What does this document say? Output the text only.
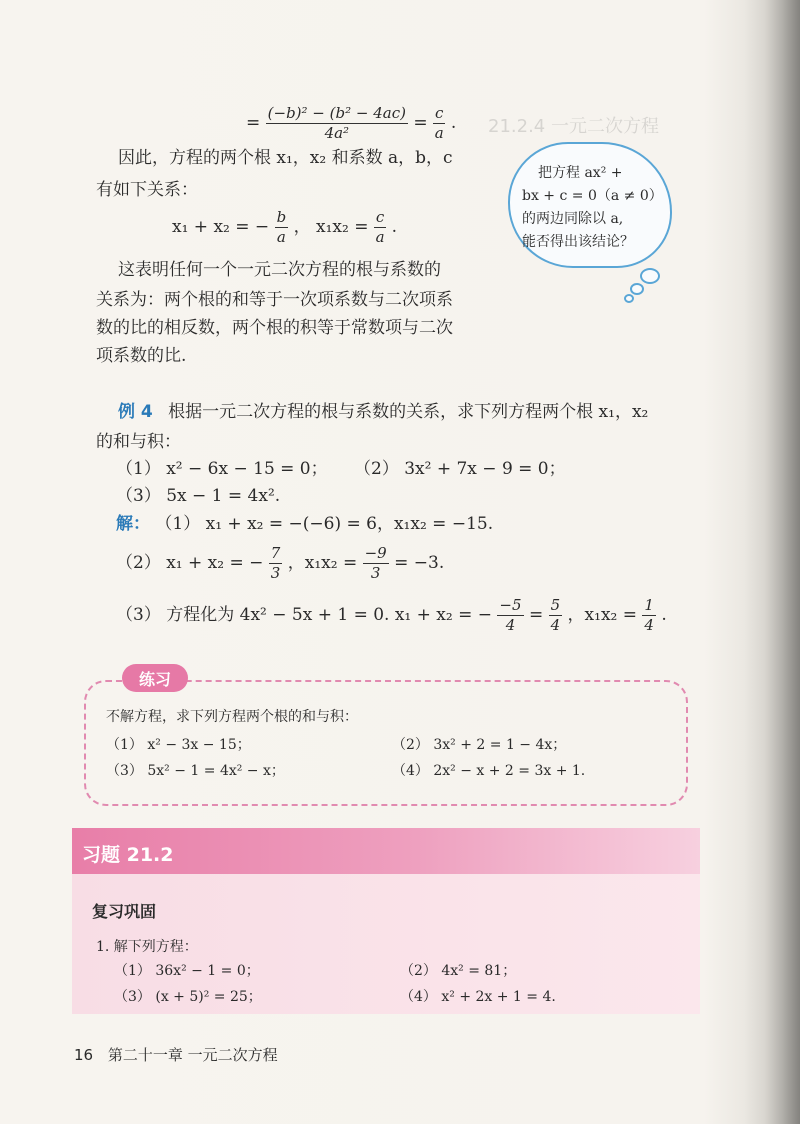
21.2.4 一元二次方程
= $\frac{\text{(−b)² − (b² − 4ac)}}{\text{4a²}} = \frac{c}{a}$ .
因此，方程的两个根 x₁，x₂ 和系数 a，b，c
有如下关系：
x₁ + x₂ = − $\frac{b}{a}$ ， $x_1x_2 = \frac{c}{a}$ .
这表明任何一个一元二次方程的根与系数的
关系为：两个根的和等于一次项系数与二次项系
数的比的相反数，两个根的积等于常数项与二次
项系数的比.
把方程 ax² +
bx + c = 0（a ≠ 0）
的两边同除以 a,
能否得出该结论？
例 4 根据一元二次方程的根与系数的关系，求下列方程两个根 x₁，x₂
的和与积：
（1） x² − 6x − 15 = 0； （2） 3x² + 7x − 9 = 0；
（3） 5x − 1 = 4x².
解： （1） x₁ + x₂ = −(−6) = 6，x₁x₂ = −15.
（2） x₁ + x₂ = − $\frac{7}{3}$ ，$x_1x_2 = \frac{-9}{3} = -3$.
（3） 方程化为 4x² − 5x + 1 = 0. x₁ + x₂ = − $\frac{-5}{4} = \frac{5}{4}$ ，$x_1x_2 = \frac{1}{4}$ .
练习
不解方程，求下列方程两个根的和与积：
（1） x² − 3x − 15；	（2） 3x² + 2 = 1 − 4x；
（3） 5x² − 1 = 4x² − x；	（4） 2x² − x + 2 = 3x + 1.
习题 21.2
复习巩固
1. 解下列方程：
（1） 36x² − 1 = 0；	（2） 4x² = 81；
（3） (x + 5)² = 25；	（4） x² + 2x + 1 = 4.
16 第二十一章 一元二次方程
